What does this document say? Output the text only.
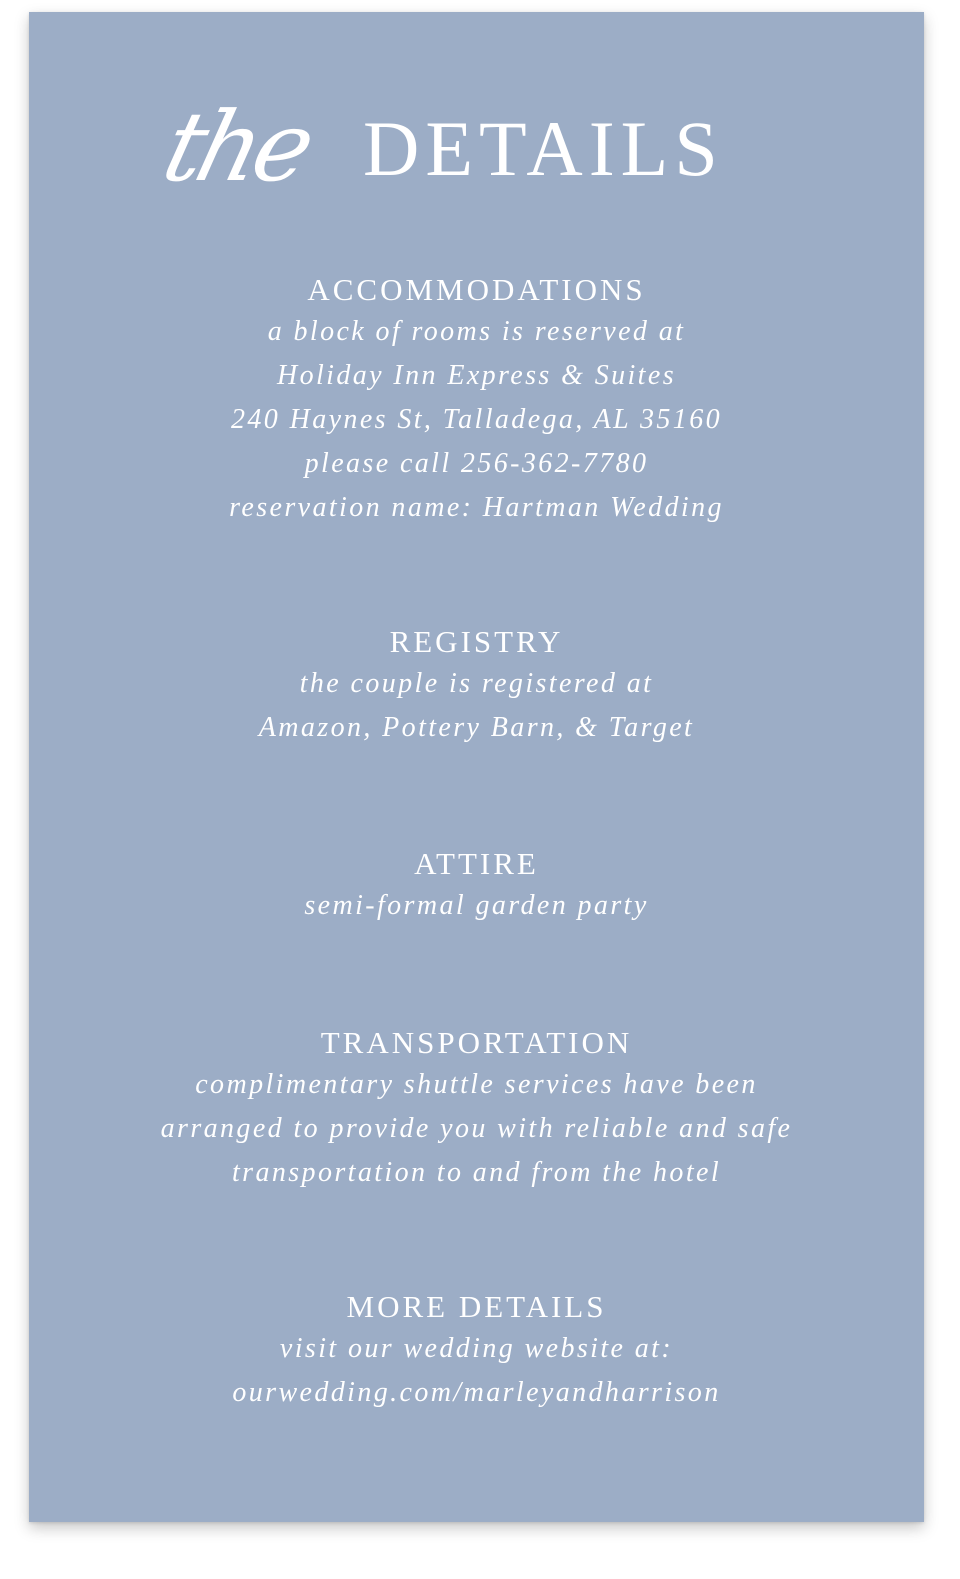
the DETAILS

ACCOMMODATIONS

a block of rooms is reserved at

Holiday Inn Express & Suites

240 Haynes St, Talladega, AL 35160

please call 256-362-7780

reservation name: Hartman Wedding

REGISTRY

the couple is registered at

Amazon, Pottery Barn, & Target

ATTIRE

semi-formal garden party

TRANSPORTATION

complimentary shuttle services have been

arranged to provide you with reliable and safe

transportation to and from the hotel

MORE DETAILS

visit our wedding website at:

ourwedding.com/marleyandharrison
